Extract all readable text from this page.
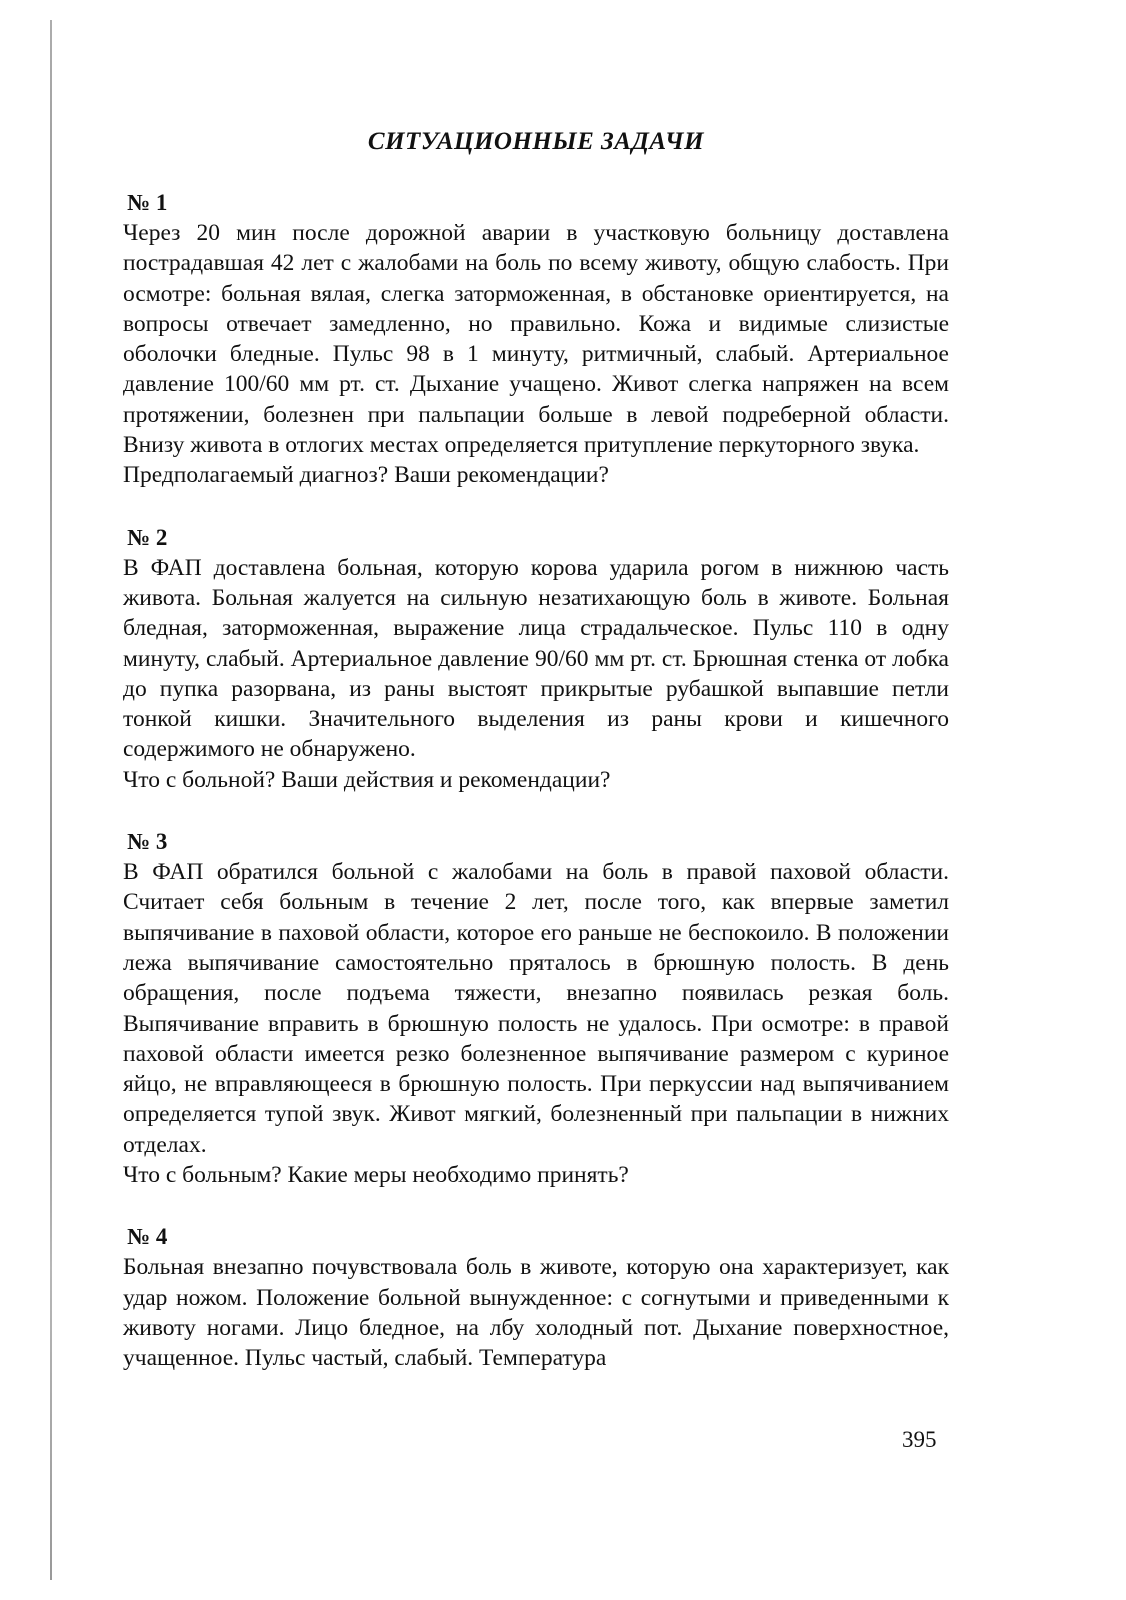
СИТУАЦИОННЫЕ ЗАДАЧИ
№ 1

Через 20 мин после дорожной аварии в участковую больницу доставлена пострадавшая 42 лет с жалобами на боль по всему животу, общую слабость. При осмотре: больная вялая, слегка заторможенная, в обстановке ориентируется, на вопросы отвечает замедленно, но правильно. Кожа и видимые слизистые оболочки бледные. Пульс 98 в 1 минуту, ритмичный, слабый. Артериальное давление 100/60 мм рт. ст. Дыхание учащено. Живот слегка напряжен на всем протяжении, болезнен при пальпации больше в левой подреберной области. Внизу живота в отлогих местах определяется притупление перкуторного звука.

Предполагаемый диагноз? Ваши рекомендации?

№ 2

В ФАП доставлена больная, которую корова ударила рогом в нижнюю часть живота. Больная жалуется на сильную незатихающую боль в животе. Больная бледная, заторможенная, выражение лица страдальческое. Пульс 110 в одну минуту, слабый. Артериальное давление 90/60 мм рт. ст. Брюшная стенка от лобка до пупка разорвана, из раны выстоят прикрытые рубашкой выпавшие петли тонкой кишки. Значительного выделения из раны крови и кишечного содержимого не обнаружено.

Что с больной? Ваши действия и рекомендации?

№ 3

В ФАП обратился больной с жалобами на боль в правой паховой области. Считает себя больным в течение 2 лет, после того, как впервые заметил выпячивание в паховой области, которое его раньше не беспокоило. В положении лежа выпячивание самостоятельно пряталось в брюшную полость. В день обращения, после подъема тяжести, внезапно появилась резкая боль. Выпячивание вправить в брюшную полость не удалось. При осмотре: в правой паховой области имеется резко болезненное выпячивание размером с куриное яйцо, не вправляющееся в брюшную полость. При перкуссии над выпячиванием определяется тупой звук. Живот мягкий, болезненный при пальпации в нижних отделах.

Что с больным? Какие меры необходимо принять?

№ 4

Больная внезапно почувствовала боль в животе, которую она характеризует, как удар ножом. Положение больной вынужденное: с согнутыми и приведенными к животу ногами. Лицо бледное, на лбу холодный пот. Дыхание поверхностное, учащенное. Пульс частый, слабый. Температура

395
